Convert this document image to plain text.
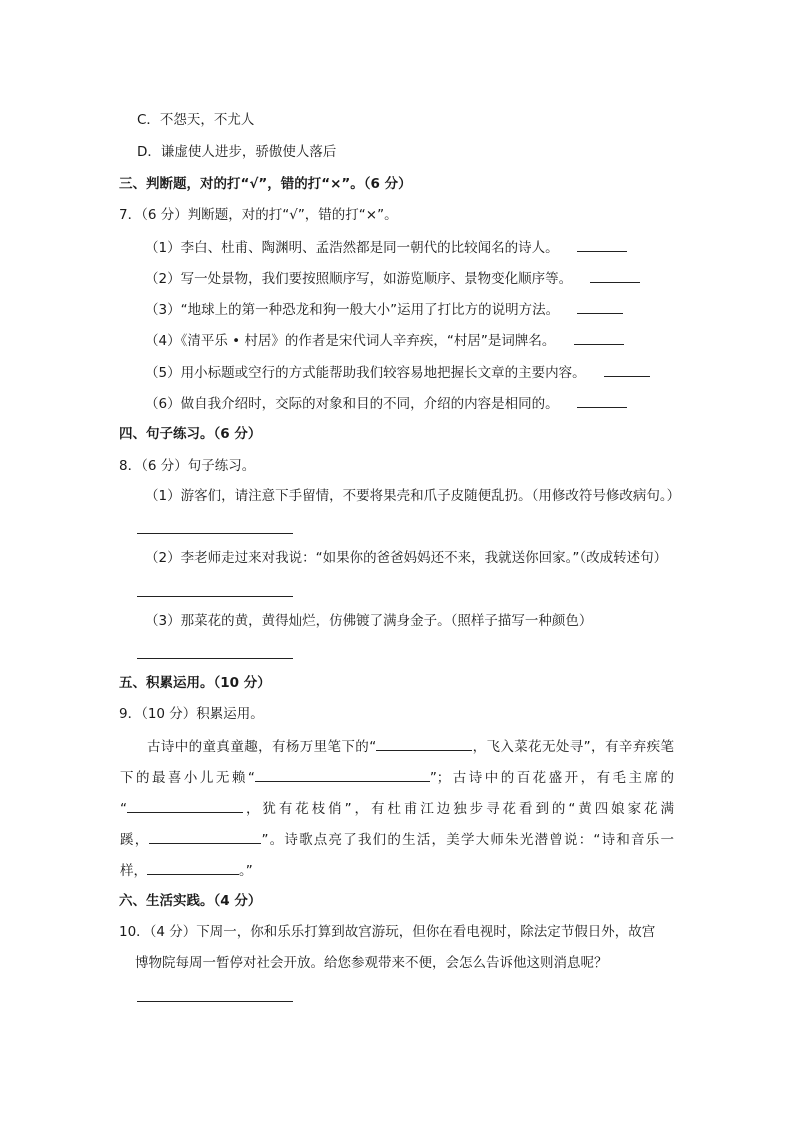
C．不怨天，不尤人
D．谦虚使人进步，骄傲使人落后
三、判断题，对的打“√”，错的打“×”。（6 分）
7．（6 分）判断题，对的打“√”，错的打“×”。
（1）李白、杜甫、陶渊明、孟浩然都是同一朝代的比较闻名的诗人。
（2）写一处景物，我们要按照顺序写，如游览顺序、景物变化顺序等。
（3）“地球上的第一种恐龙和狗一般大小”运用了打比方的说明方法。
（4）《清平乐 • 村居》的作者是宋代词人辛弃疾，“村居”是词牌名。
（5）用小标题或空行的方式能帮助我们较容易地把握长文章的主要内容。
（6）做自我介绍时，交际的对象和目的不同，介绍的内容是相同的。
四、句子练习。（6 分）
8．（6 分）句子练习。
（1）游客们，请注意下手留情，不要将果壳和爪子皮随便乱扔。（用修改符号修改病句。）
（2）李老师走过来对我说：“如果你的爸爸妈妈还不来，我就送你回家。”（改成转述句）
（3）那菜花的黄，黄得灿烂，仿佛镀了满身金子。（照样子描写一种颜色）
五、积累运用。（10 分）
9．（10 分）积累运用。
古诗中的童真童趣，有杨万里笔下的“	，飞入菜花无处寻”，有辛弃疾笔
下的最喜小儿无赖“	”；古诗中的百花盛开，有毛主席的
“	，犹有花枝俏”，有杜甫江边独步寻花看到的“黄四娘家花满
蹊，	”。诗歌点亮了我们的生活，美学大师朱光潜曾说：“诗和音乐一
样，	。”
六、生活实践。（4 分）
10．（4 分）下周一，你和乐乐打算到故宫游玩，但你在看电视时，除法定节假日外，故宫
博物院每周一暂停对社会开放。给您参观带来不便，会怎么告诉他这则消息呢？
